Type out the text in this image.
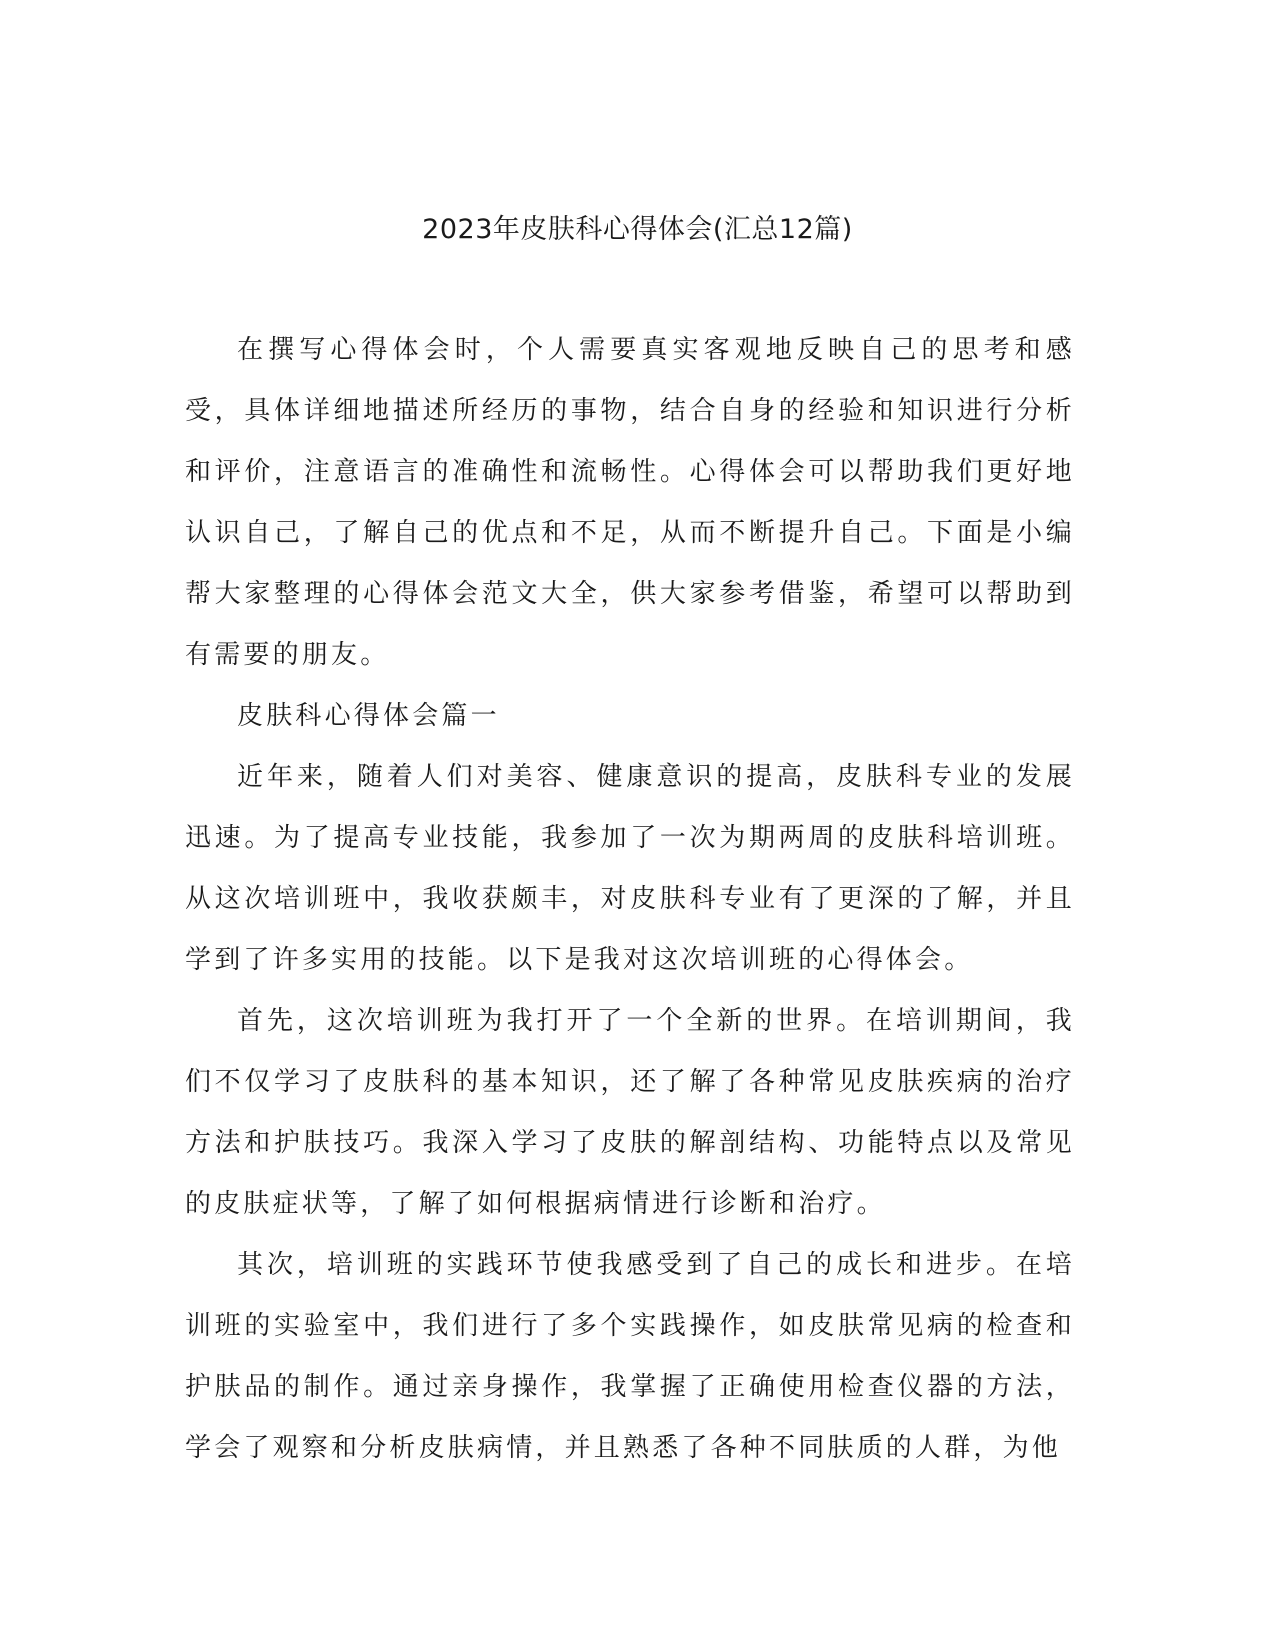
2023年皮肤科心得体会(汇总12篇)

在撰写心得体会时，个人需要真实客观地反映自己的思考和感受，具体详细地描述所经历的事物，结合自身的经验和知识进行分析和评价，注意语言的准确性和流畅性。心得体会可以帮助我们更好地认识自己，了解自己的优点和不足，从而不断提升自己。下面是小编帮大家整理的心得体会范文大全，供大家参考借鉴，希望可以帮助到有需要的朋友。

皮肤科心得体会篇一

近年来，随着人们对美容、健康意识的提高，皮肤科专业的发展迅速。为了提高专业技能，我参加了一次为期两周的皮肤科培训班。从这次培训班中，我收获颇丰，对皮肤科专业有了更深的了解，并且学到了许多实用的技能。以下是我对这次培训班的心得体会。

首先，这次培训班为我打开了一个全新的世界。在培训期间，我们不仅学习了皮肤科的基本知识，还了解了各种常见皮肤疾病的治疗方法和护肤技巧。我深入学习了皮肤的解剖结构、功能特点以及常见的皮肤症状等，了解了如何根据病情进行诊断和治疗。

其次，培训班的实践环节使我感受到了自己的成长和进步。在培训班的实验室中，我们进行了多个实践操作，如皮肤常见病的检查和护肤品的制作。通过亲身操作，我掌握了正确使用检查仪器的方法，学会了观察和分析皮肤病情，并且熟悉了各种不同肤质的人群，为他
